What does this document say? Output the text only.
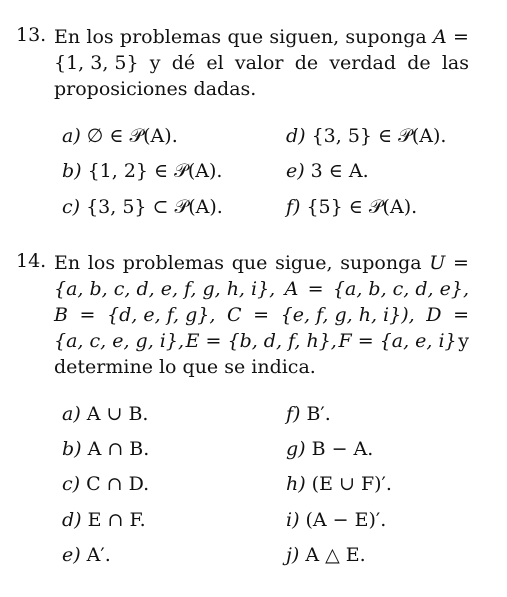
13. En los problemas que siguen, suponga A =
{1, 3, 5} y dé el valor de verdad de las
proposiciones dadas.
a) ∅ ∈ 𝒫(A).	d) {3, 5} ∈ 𝒫(A).
b) {1, 2} ∈ 𝒫(A).	e) 3 ∈ A.
c) {3, 5} ⊂ 𝒫(A).	f) {5} ∈ 𝒫(A).
14. En los problemas que sigue, suponga U =
{a, b, c, d, e, f, g, h, i}, A = {a, b, c, d, e},
B = {d, e, f, g}, C = {e, f, g, h, i}), D =
{a, c, e, g, i}, E = {b, d, f, h}, F = {a, e, i} y
determine lo que se indica.
a) A ∪ B.	f) B′.
b) A ∩ B.	g) B − A.
c) C ∩ D.	h) (E ∪ F)′.
d) E ∩ F.	i) (A − E)′.
e) A′.	j) A △ E.
